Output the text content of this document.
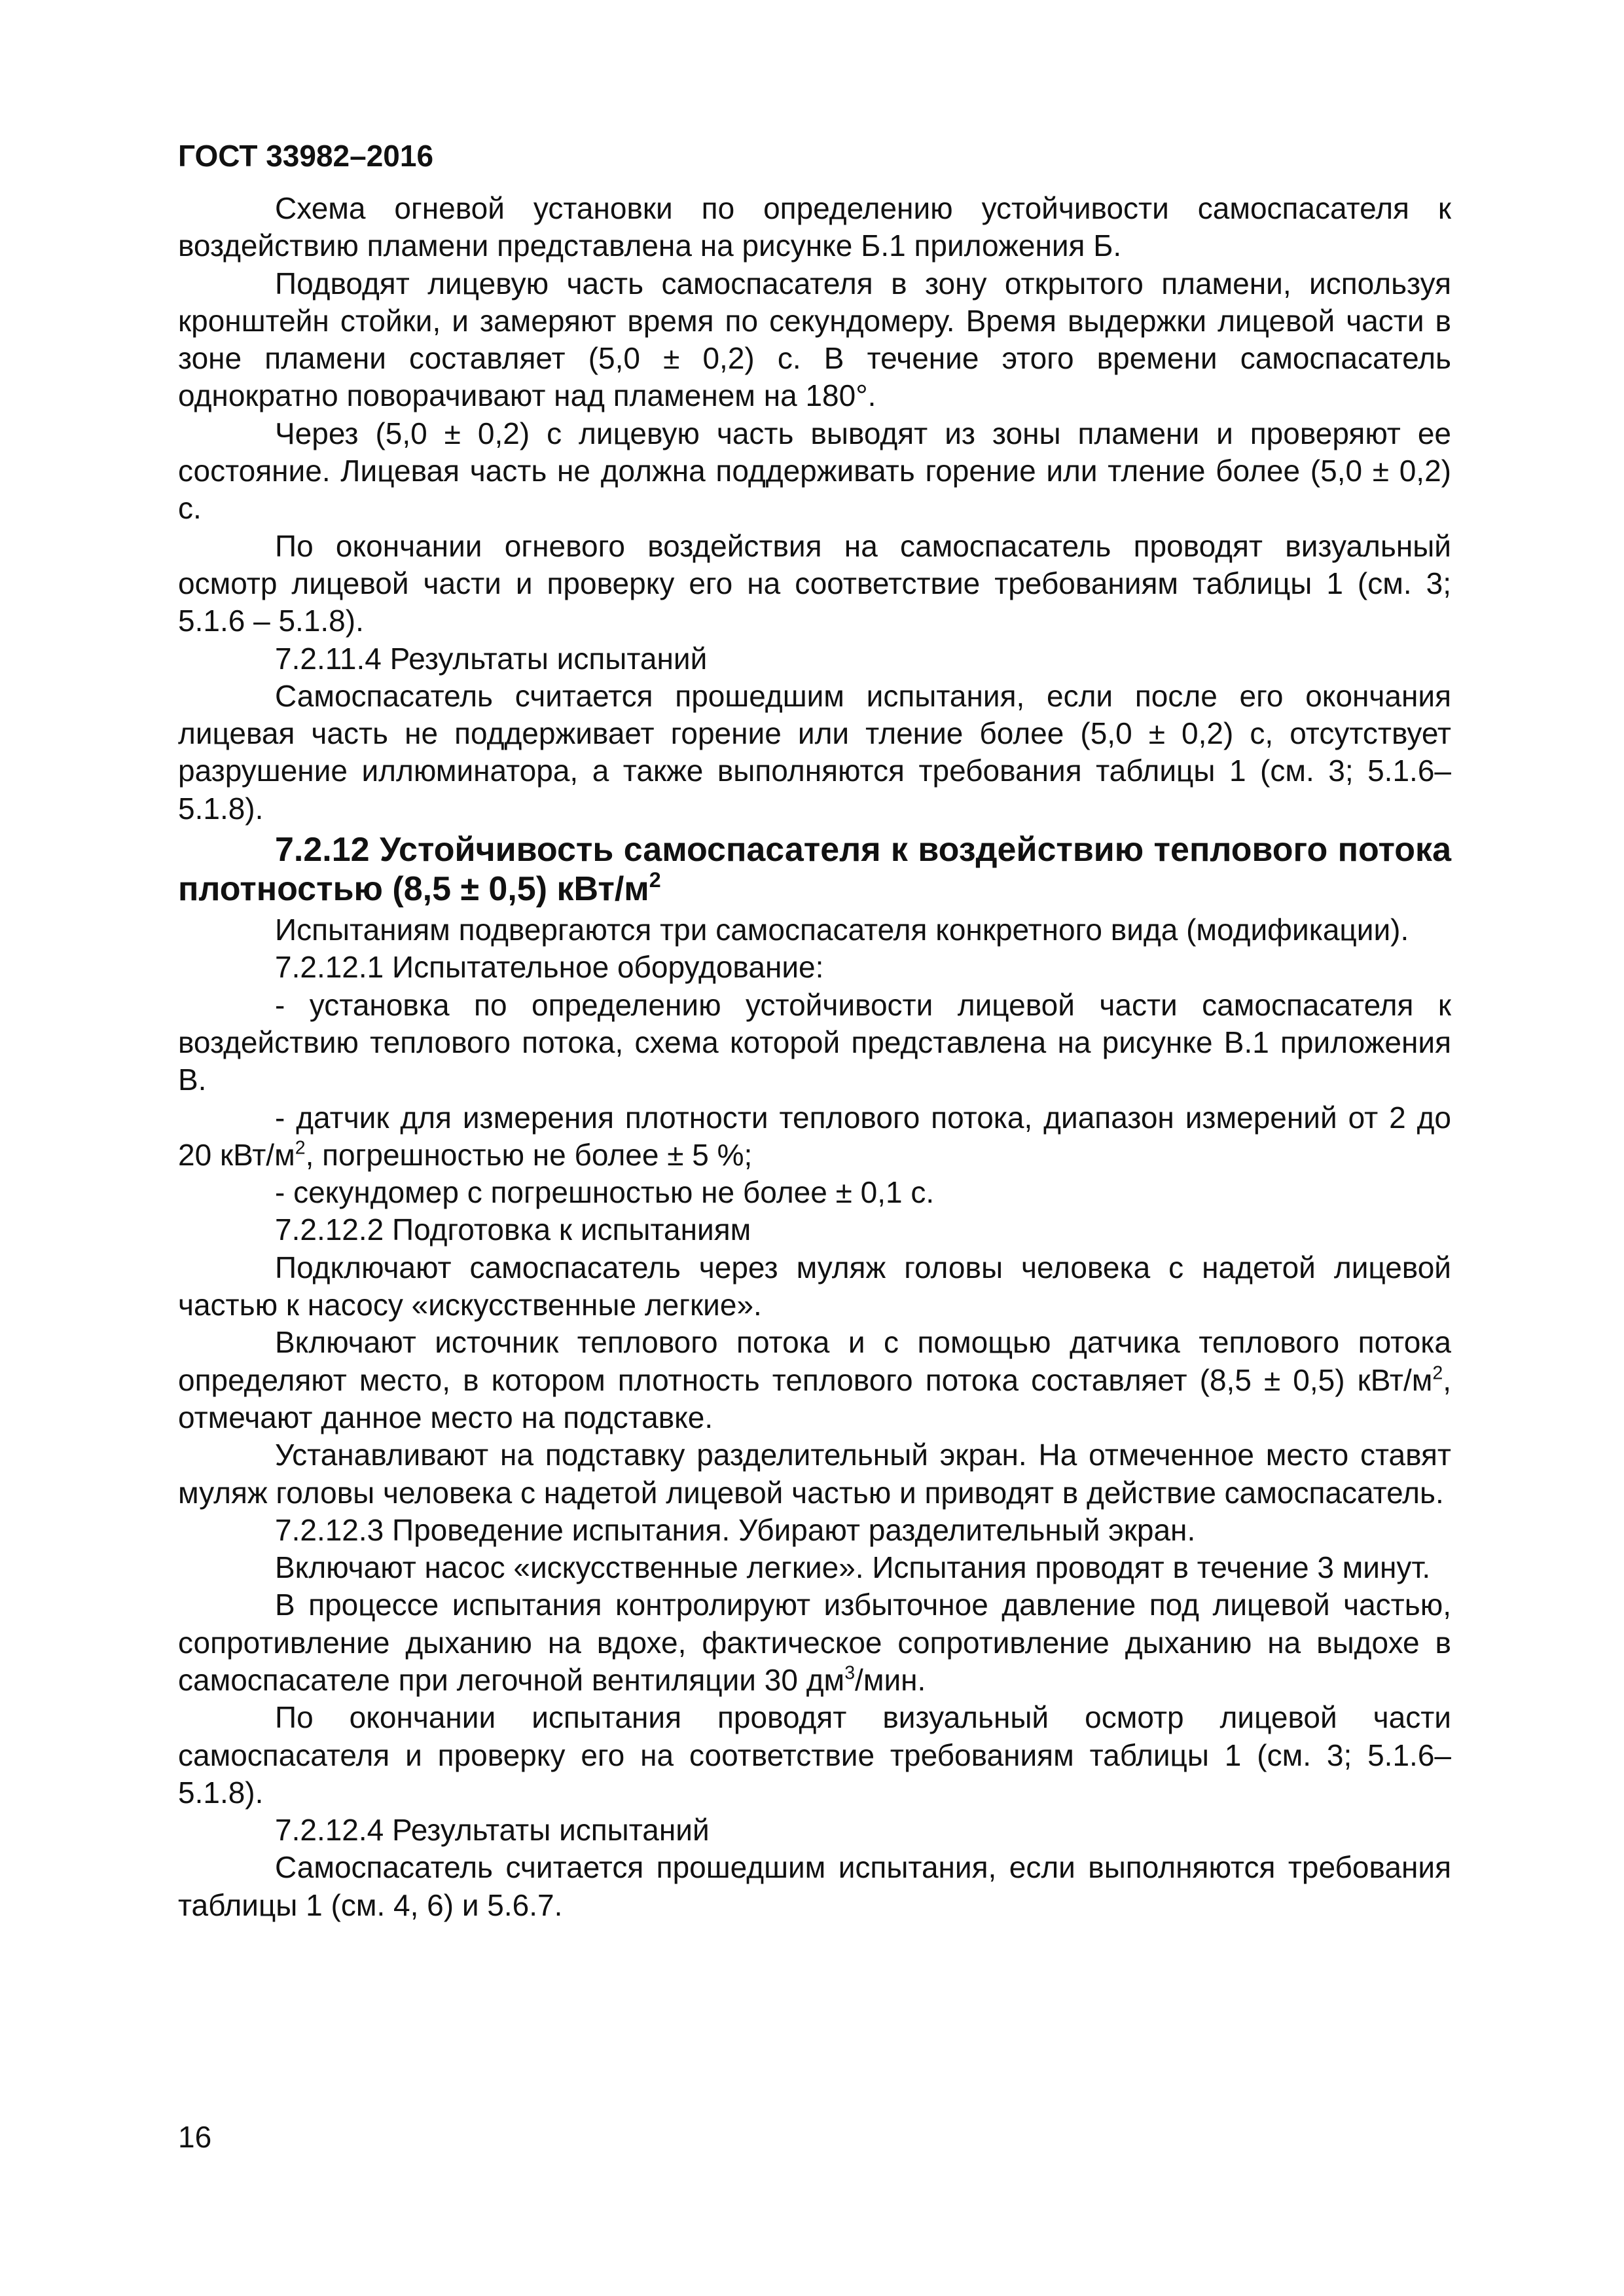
ГОСТ 33982–2016

Схема огневой установки по определению устойчивости самоспасателя к воздействию пламени представлена на рисунке Б.1 приложения Б.

Подводят лицевую часть самоспасателя в зону открытого пламени, используя кронштейн стойки, и замеряют время по секундомеру. Время выдержки лицевой части в зоне пламени составляет (5,0 ± 0,2) с. В течение этого времени самоспасатель однократно поворачивают над пламенем на 180°.

Через (5,0 ± 0,2) с лицевую часть выводят из зоны пламени и проверяют ее состояние. Лицевая часть не должна поддерживать горение или тление более (5,0 ± 0,2) с.

По окончании огневого воздействия на самоспасатель проводят визуальный осмотр лицевой части и проверку его на соответствие требованиям таблицы 1 (см. 3; 5.1.6 – 5.1.8).

7.2.11.4 Результаты испытаний

Самоспасатель считается прошедшим испытания, если после его окончания лицевая часть не поддерживает горение или тление более (5,0 ± 0,2) с, отсутствует разрушение иллюминатора, а также выполняются требования таблицы 1 (см. 3; 5.1.6–5.1.8).

7.2.12 Устойчивость самоспасателя к воздействию теплового потока плотностью (8,5 ± 0,5) кВт/$м^2$

Испытаниям подвергаются три самоспасателя конкретного вида (модификации).

7.2.12.1 Испытательное оборудование:

- установка по определению устойчивости лицевой части самоспасателя к воздействию теплового потока, схема которой представлена на рисунке В.1 приложения В.

- датчик для измерения плотности теплового потока, диапазон измерений от 2 до 20 кВт/$м^2$, погрешностью не более ± 5 %;

- секундомер с погрешностью не более ± 0,1 с.

7.2.12.2 Подготовка к испытаниям

Подключают самоспасатель через муляж головы человека с надетой лицевой частью к насосу «искусственные легкие».

Включают источник теплового потока и с помощью датчика теплового потока определяют место, в котором плотность теплового потока составляет (8,5 ± 0,5) кВт/$м^2$, отмечают данное место на подставке.

Устанавливают на подставку разделительный экран. На отмеченное место ставят муляж головы человека с надетой лицевой частью и приводят в действие самоспасатель.

7.2.12.3 Проведение испытания. Убирают разделительный экран.

Включают насос «искусственные легкие». Испытания проводят в течение 3 минут.

В процессе испытания контролируют избыточное давление под лицевой частью, сопротивление дыханию на вдохе, фактическое сопротивление дыханию на выдохе в самоспасателе при легочной вентиляции 30 $дм^3$/мин.

По окончании испытания проводят визуальный осмотр лицевой части самоспасателя и проверку его на соответствие требованиям таблицы 1 (см. 3; 5.1.6–5.1.8).

7.2.12.4 Результаты испытаний

Самоспасатель считается прошедшим испытания, если выполняются требования таблицы 1 (см. 4, 6) и 5.6.7.

16
